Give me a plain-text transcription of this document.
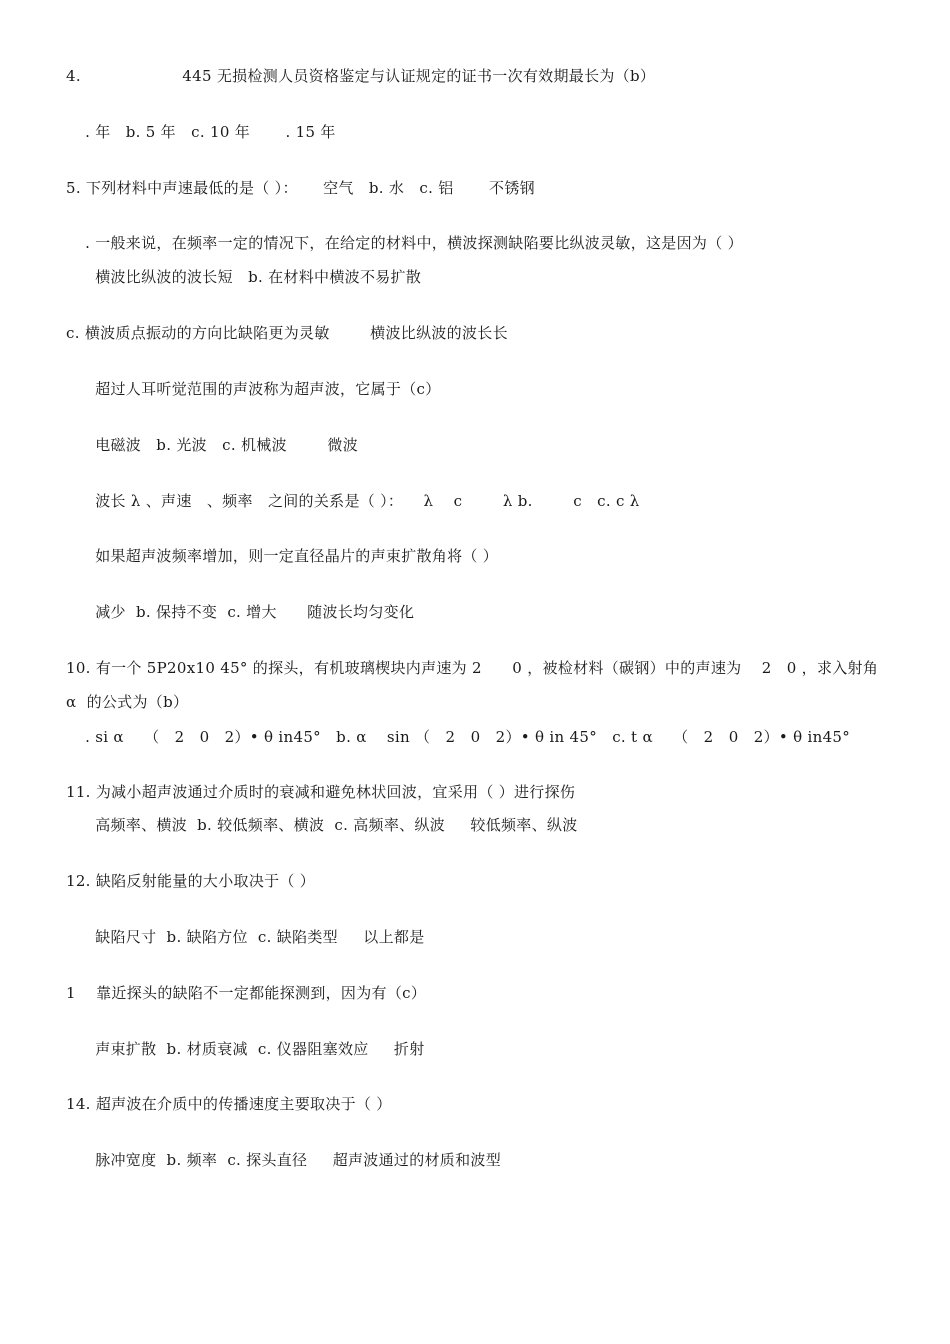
4.                    445 无损检测人员资格鉴定与认证规定的证书一次有效期最长为（b）
. 年   b. 5 年   c. 10 年       . 15 年
5. 下列材料中声速最低的是（ ）：     空气   b. 水   c. 铝       不锈钢
. 一般来说，在频率一定的情况下，在给定的材料中，横波探测缺陷要比纵波灵敏，这是因为（ ）
横波比纵波的波长短   b. 在材料中横波不易扩散
c. 横波质点振动的方向比缺陷更为灵敏        横波比纵波的波长长
超过人耳听觉范围的声波称为超声波，它属于（c）
电磁波   b. 光波   c. 机械波        微波
波长 λ 、声速   、频率   之间的关系是（ ）：    λ    c        λ b.        c   c. c λ
如果超声波频率增加，则一定直径晶片的声束扩散角将（ ）
减少  b. 保持不变  c. 增大      随波长均匀变化
10. 有一个 5P20x10 45° 的探头，有机玻璃楔块内声速为 2      0 ，被检材料（碳钢）中的声速为    2   0 ，求入射角
α  的公式为（b）
. si α    （   2   0   2）• θ in45°   b. α    sin （   2   0   2）• θ in 45°   c. t α    （   2   0   2）• θ in45°
11. 为减小超声波通过介质时的衰减和避免林状回波，宜采用（ ）进行探伤
高频率、横波  b. 较低频率、横波  c. 高频率、纵波     较低频率、纵波
12. 缺陷反射能量的大小取决于（ ）
缺陷尺寸  b. 缺陷方位  c. 缺陷类型     以上都是
1    靠近探头的缺陷不一定都能探测到，因为有（c）
声束扩散  b. 材质衰减  c. 仪器阻塞效应     折射
14. 超声波在介质中的传播速度主要取决于（ ）
脉冲宽度  b. 频率  c. 探头直径     超声波通过的材质和波型
